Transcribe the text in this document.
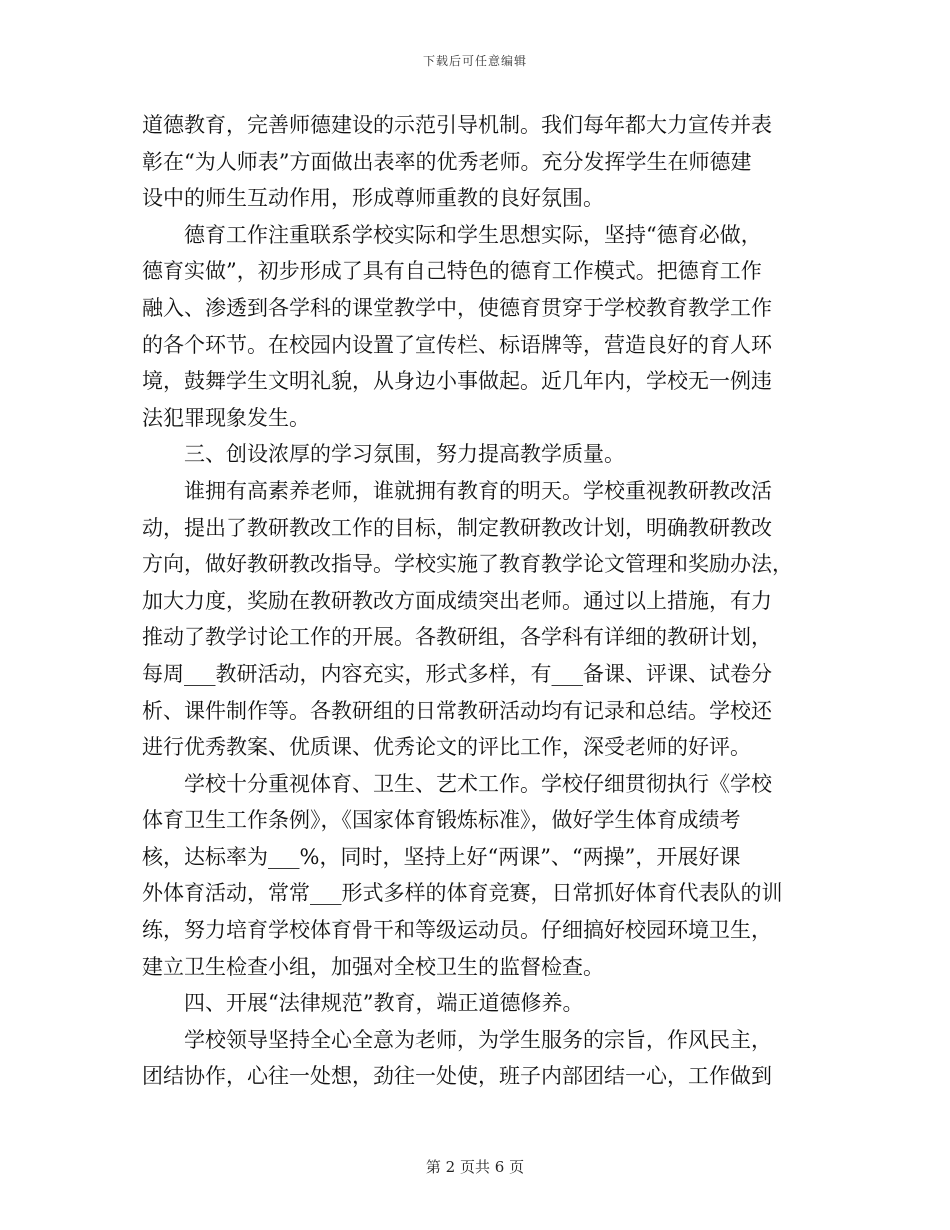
下载后可任意编辑
道德教育，完善师德建设的示范引导机制。我们每年都大力宣传并表
彰在“为人师表”方面做出表率的优秀老师。充分发挥学生在师德建
设中的师生互动作用，形成尊师重教的良好氛围。
德育工作注重联系学校实际和学生思想实际，坚持“德育必做，
德育实做”，初步形成了具有自己特色的德育工作模式。把德育工作
融入、渗透到各学科的课堂教学中，使德育贯穿于学校教育教学工作
的各个环节。在校园内设置了宣传栏、标语牌等，营造良好的育人环
境，鼓舞学生文明礼貌，从身边小事做起。近几年内，学校无一例违
法犯罪现象发生。
三、创设浓厚的学习氛围，努力提高教学质量。
谁拥有高素养老师，谁就拥有教育的明天。学校重视教研教改活
动，提出了教研教改工作的目标，制定教研教改计划，明确教研教改
方向，做好教研教改指导。学校实施了教育教学论文管理和奖励办法，
加大力度，奖励在教研教改方面成绩突出老师。通过以上措施，有力
推动了教学讨论工作的开展。各教研组，各学科有详细的教研计划，
每周___教研活动，内容充实，形式多样，有___备课、评课、试卷分
析、课件制作等。各教研组的日常教研活动均有记录和总结。学校还
进行优秀教案、优质课、优秀论文的评比工作，深受老师的好评。
学校十分重视体育、卫生、艺术工作。学校仔细贯彻执行《学校
体育卫生工作条例》，《国家体育锻炼标准》，做好学生体育成绩考
核，达标率为___%，同时，坚持上好“两课”、“两操”，开展好课
外体育活动，常常___形式多样的体育竞赛，日常抓好体育代表队的训
练，努力培育学校体育骨干和等级运动员。仔细搞好校园环境卫生，
建立卫生检查小组，加强对全校卫生的监督检查。
四、开展“法律规范”教育，端正道德修养。
学校领导坚持全心全意为老师，为学生服务的宗旨，作风民主，
团结协作，心往一处想，劲往一处使，班子内部团结一心，工作做到
第 2 页共 6 页
